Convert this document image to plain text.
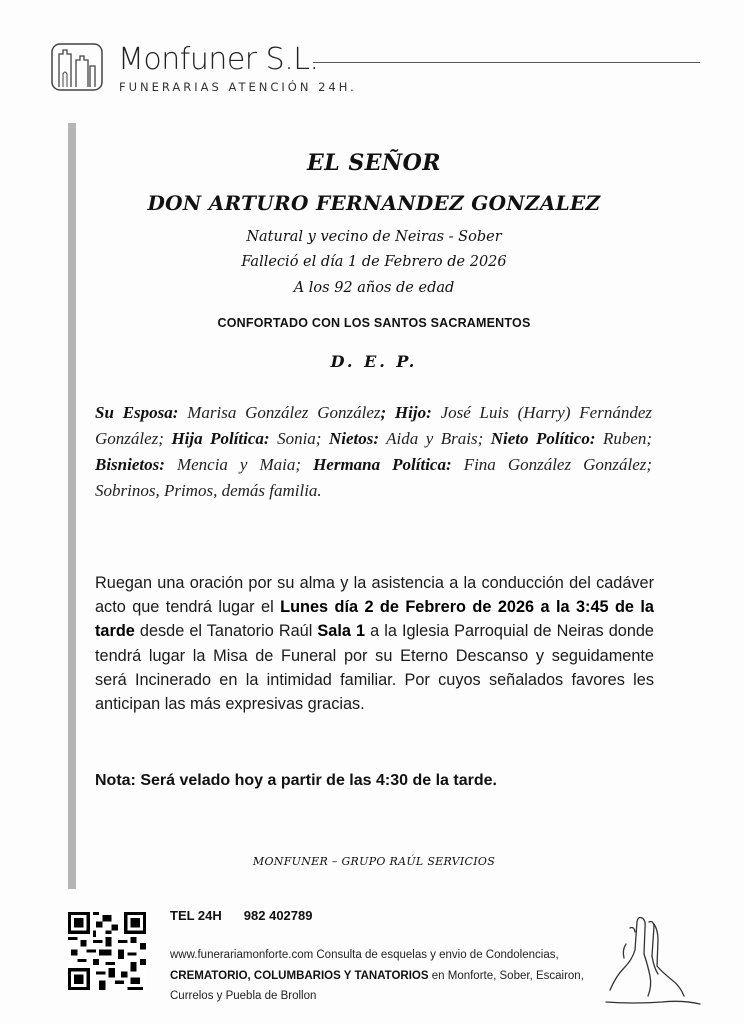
Monfuner S.L.
FUNERARIAS ATENCIÓN 24H.
EL SEÑOR
DON ARTURO FERNANDEZ GONZALEZ
Natural y vecino de Neiras - Sober
Falleció el día 1 de Febrero de 2026
A los 92 años de edad
CONFORTADO CON LOS SANTOS SACRAMENTOS
D. E. P.
Su Esposa: Marisa González González; Hijo: José Luis (Harry) Fernández González; Hija Política: Sonia; Nietos: Aida y Brais; Nieto Político: Ruben; Bisnietos: Mencia y Maia; Hermana Política: Fina González González; Sobrinos, Primos, demás familia.
Ruegan una oración por su alma y la asistencia a la conducción del cadáver acto que tendrá lugar el Lunes día 2 de Febrero de 2026 a la 3:45 de la tarde desde el Tanatorio Raúl Sala 1 a la Iglesia Parroquial de Neiras donde tendrá lugar la Misa de Funeral por su Eterno Descanso y seguidamente será Incinerado en la intimidad familiar. Por cuyos señalados favores les anticipan las más expresivas gracias.
Nota: Será velado hoy a partir de las 4:30 de la tarde.
MONFUNER – GRUPO RAÚL SERVICIOS
TEL 24H 982 402789
www.funerariamonforte.com Consulta de esquelas y envio de Condolencias, CREMATORIO, COLUMBARIOS Y TANATORIOS en Monforte, Sober, Escairon, Currelos y Puebla de Brollon
